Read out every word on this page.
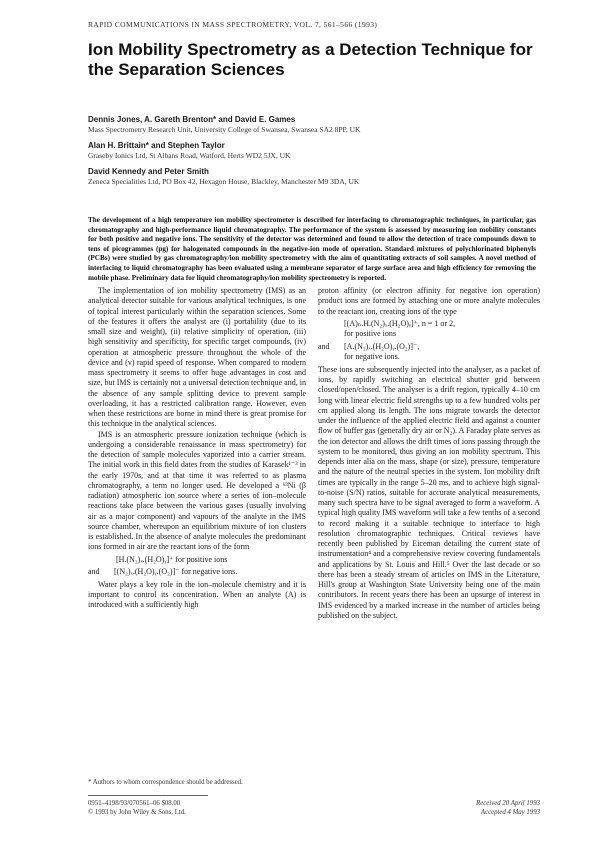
RAPID COMMUNICATIONS IN MASS SPECTROMETRY, VOL. 7, 561–566 (1993)
Ion Mobility Spectrometry as a Detection Technique for the Separation Sciences
Dennis Jones, A. Gareth Brenton* and David E. Games
Mass Spectrometry Research Unit, University College of Swansea, Swansea SA2 8PP, UK
Alan H. Brittain* and Stephen Taylor
Graseby Ionics Ltd, St Albans Road, Watford, Herts WD2 5JX, UK
David Kennedy and Peter Smith
Zeneca Specialities Ltd, PO Box 42, Hexagon House, Blackley, Manchester M9 3DA, UK

The development of a high temperature ion mobility spectrometer is described for interfacing to chromatographic techniques, in particular, gas chromatography and high-performance liquid chromatography. The performance of the system is assessed by measuring ion mobility constants for both positive and negative ions. The sensitivity of the detector was determined and found to allow the detection of trace compounds down to tens of picogrammes (pg) for halogenated compounds in the negative-ion mode of operation. Standard mixtures of polychlorinated biphenyls (PCBs) were studied by gas chromatography/ion mobility spectrometry with the aim of quantitating extracts of soil samples. A novel method of interfacing to liquid chromatography has been evaluated using a membrane separator of large surface area and high efficiency for removing the mobile phase. Preliminary data for liquid chromatography/ion mobility spectrometry is reported.

The implementation of ion mobility spectrometry (IMS) as an analytical detector suitable for various analytical techniques, is one of topical interest particularly within the separation sciences. Some of the features it offers the analyst are (i) portability (due to its small size and weight), (ii) relative simplicity of operation, (iii) high sensitivity and specificity, for specific target compounds, (iv) operation at atmospheric pressure throughout the whole of the device and (v) rapid speed of response. When compared to modern mass spectrometry it seems to offer huge advantages in cost and size, but IMS is certainly not a universal detection technique and, in the absence of any sample splitting device to prevent sample overloading, it has a restricted calibration range. However, even when these restrictions are borne in mind there is great promise for this technique in the analytical sciences.

IMS is an atmospheric pressure ionization technique (which is undergoing a considerable renaissance in mass spectrometry) for the detection of sample molecules vaporized into a carrier stream. The initial work in this field dates from the studies of Karasek¹⁻³ in the early 1970s, and at that time it was referred to as plasma chromatography, a term no longer used. He developed a ⁶³Ni (β radiation) atmospheric ion source where a series of ion–molecule reactions take place between the various gases (usually involving air as a major component) and vapours of the analyte in the IMS source chamber, whereupon an equilibrium mixture of ion clusters is established. In the absence of analyte molecules the predominant ions formed in air are the reactant ions of the form

[H.(N₂)ₓ.(H₂O)ᵧ]⁺ for positive ions
and	[(N₂)ₓ.(H₂O)ᵧ.(O₂)]⁻ for negative ions.

Water plays a key role in the ion–molecule chemistry and it is important to control its concentration. When an analyte (A) is introduced with a sufficiently high

proton affinity (or electron affinity for negative ion operation) product ions are formed by attaching one or more analyte molecules to the reactant ion, creating ions of the type

[(A)ₙ.H.(N₂)ₓ.(H₂O)ᵧ]⁺, n = 1 or 2,
for positive ions
and	[A.(N₂)ₓ.(H₂O)ᵧ.(O₂)]⁻,
for negative ions.

These ions are subsequently injected into the analyser, as a packet of ions, by rapidly switching an electrical shutter grid between closed/open/closed. The analyser is a drift region, typically 4–10 cm long with linear electric field strengths up to a few hundred volts per cm applied along its length. The ions migrate towards the detector under the influence of the applied electric field and against a counter flow of buffer gas (generally dry air or N₂). A Faraday plate serves as the ion detector and allows the drift times of ions passing through the system to be monitored, thus giving an ion mobility spectrum. This depends inter alia on the mass, shape (or size), pressure, temperature and the nature of the neutral species in the system. Ion mobility drift times are typically in the range 5–20 ms, and to achieve high signal-to-noise (S/N) ratios, suitable for accurate analytical measurements, many such spectra have to be signal averaged to form a waveform. A typical high quality IMS waveform will take a few tenths of a second to record making it a suitable technique to interface to high resolution chromatographic techniques. Critical reviews have recently been published by Eiceman detailing the current state of instrumentation⁴ and a comprehensive review covering fundamentals and applications by St. Louis and Hill.⁵ Over the last decade or so there has been a steady stream of articles on IMS in the Literature, Hill's group at Washington State University being one of the main contributors. In recent years there has been an upsurge of interest in IMS evidenced by a marked increase in the number of articles being published on the subject.

* Authors to whom correspondence should be addressed.
0951–4198/93/070561–06 $08.00
© 1993 by John Wiley & Sons, Ltd.
Received 20 April 1993
Accepted 4 May 1993
